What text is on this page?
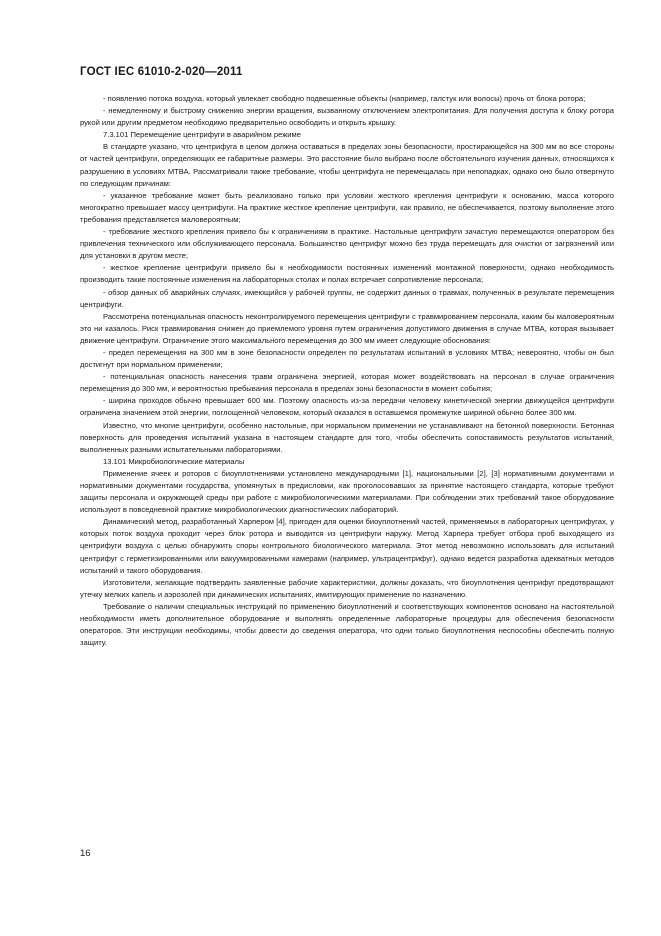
ГОСТ IEC 61010-2-020—2011

- появлению потока воздуха, который увлекает свободно подвешенные объекты (например, галстук или волосы) прочь от блока ротора;

- немедленному и быстрому снижению энергии вращения, вызванному отключением электропитания. Для получения доступа к блоку ротора рукой или другим предметом необходимо предварительно освободить и открыть крышку.

7.3.101 Перемещение центрифуги в аварийном режиме

В стандарте указано, что центрифуга в целом должна оставаться в пределах зоны безопасности, простирающейся на 300 мм во все стороны от частей центрифуги, определяющих ее габаритные размеры. Это расстояние было выбрано после обстоятельного изучения данных, относящихся к разрушению в условиях МТВА. Рассматривали также требование, чтобы центрифуга не перемещалась при непопадках, однако оно было отвергнуто по следующим причинам:

- указанное требование может быть реализовано только при условии жесткого крепления центрифуги к основанию, масса которого многократно превышает массу центрифуги. На практике жесткое крепление центрифуги, как правило, не обеспечивается, поэтому выполнение этого требования представляется маловероятным;

- требование жесткого крепления привело бы к ограничениям в практике. Настольные центрифуги зачастую перемещаются оператором без привлечения технического или обслуживающего персонала. Большинство центрифуг можно без труда перемещать для очистки от загрязнений или для установки в другом месте;

- жесткое крепление центрифуги привело бы к необходимости постоянных изменений монтажной поверхности, однако необходимость производить такие постоянные изменения на лабораторных столах и полах встречает сопротивление персонала;

- обзор данных об аварийных случаях, имеющийся у рабочей группы, не содержит данных о травмах, полученных в результате перемещения центрифуги.

Рассмотрена потенциальная опасность неконтролируемого перемещения центрифуги с травмированием персонала, каким бы маловероятным это ни казалось. Риск травмирования снижен до приемлемого уровня путем ограничения допустимого движения в случае МТВА, которая вызывает движение центрифуги. Ограничение этого максимального перемещения до 300 мм имеет следующие обоснования:

- предел перемещения на 300 мм в зоне безопасности определен по результатам испытаний в условиях МТВА; невероятно, чтобы он был достигнут при нормальном применении;

- потенциальная опасность нанесения травм ограничена энергией, которая может воздействовать на персонал в случае ограничения перемещения до 300 мм, и вероятностью пребывания персонала в пределах зоны безопасности в момент события;

- ширина проходов обычно превышает 600 мм. Поэтому опасность из-за передачи человеку кинетической энергии движущейся центрифуги ограничена значением этой энергии, поглощенной человеком, который оказался в оставшемся промежутке шириной обычно более 300 мм.

Известно, что многие центрифуги, особенно настольные, при нормальном применении не устанавливают на бетонной поверхности. Бетонная поверхность для проведения испытаний указана в настоящем стандарте для того, чтобы обеспечить сопоставимость результатов испытаний, выполненных разными испытательными лабораториями.

13.101 Микробиологические материалы

Применение ячеек и роторов с биоуплотнениями установлено международными [1], национальными [2], [3] нормативными документами и нормативными документами государства, упомянутых в предисловии, как проголосовавших за принятие настоящего стандарта, которые требуют защиты персонала и окружающей среды при работе с микробиологическими материалами. При соблюдении этих требований такое оборудование используют в повседневной практике микробиологических диагностических лабораторий.

Динамический метод, разработанный Харпером [4], пригоден для оценки биоуплотнений частей, применяемых в лабораторных центрифугах, у которых поток воздуха проходит через блок ротора и выводится из центрифуги наружу. Метод Харпера требует отбора проб выходящего из центрифуги воздуха с целью обнаружить споры контрольного биологического материала. Этот метод невозможно использовать для испытаний центрифуг с герметизированными или вакуумированными камерами (например, ультрацентрифуг), однако ведется разработка адекватных методов испытаний и такого оборудования.

Изготовители, желающие подтвердить заявленные рабочие характеристики, должны доказать, что биоуплотнения центрифуг предотвращают утечку мелких капель и аэрозолей при динамических испытаниях, имитирующих применение по назначению.

Требование о наличии специальных инструкций по применению биоуплотнений и соответствующих компонентов основано на настоятельной необходимости иметь дополнительное оборудование и выполнять определенные лабораторные процедуры для обеспечения безопасности операторов. Эти инструкции необходимы, чтобы довести до сведения оператора, что одни только биоуплотнения неспособны обеспечить полную защиту.

16
